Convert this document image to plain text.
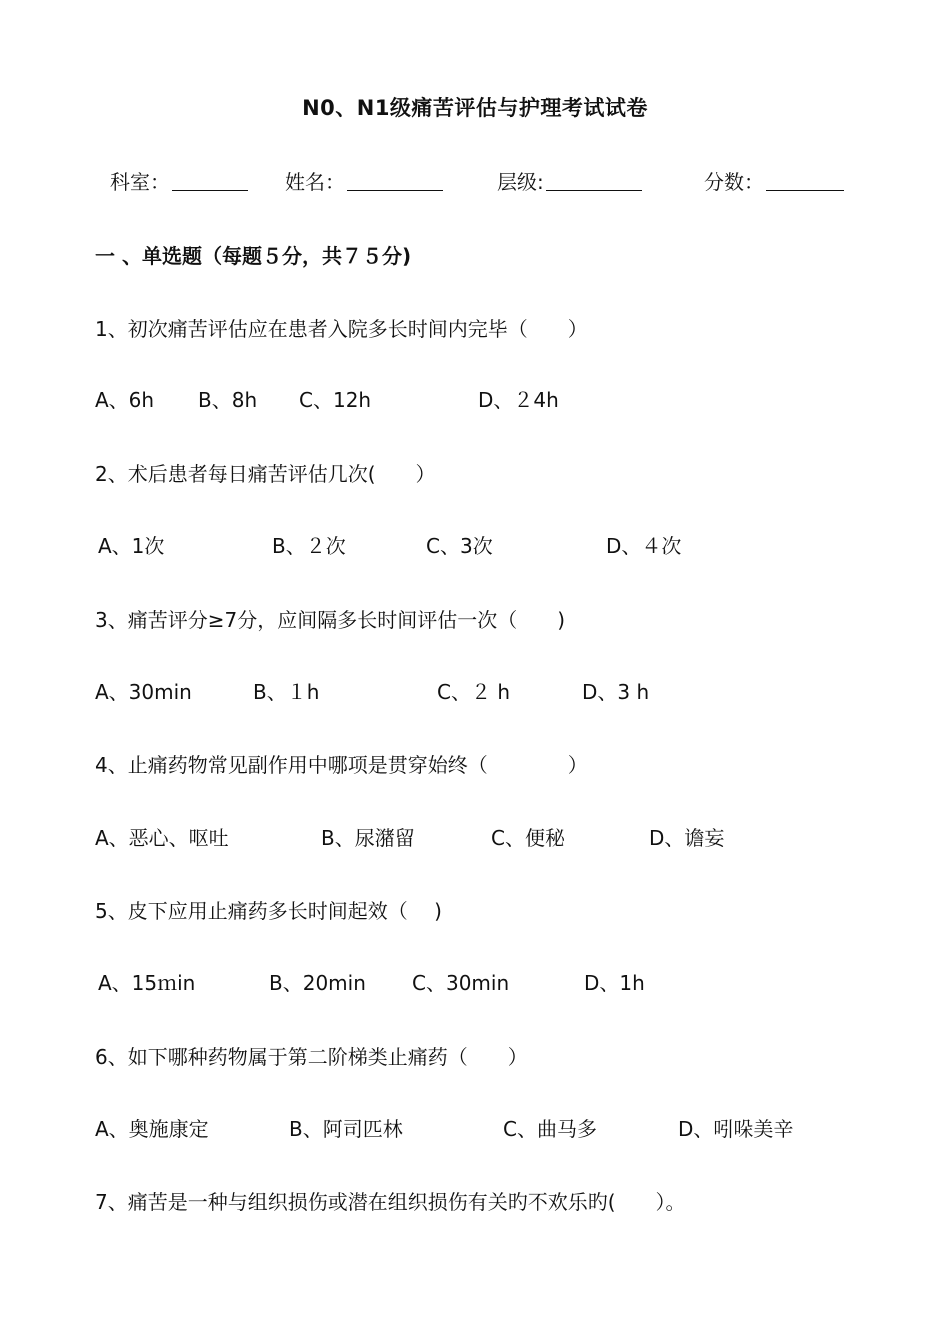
N0、N1级痛苦评估与护理考试试卷
科室：	姓名：	层级:	分数：
一 、单选题（每题５分，共７５分)
1、初次痛苦评估应在患者入院多长时间内完毕（　　）
A、6h B、8h C、12h	D、２4h
2、术后患者每日痛苦评估几次(　　）
A、1次	B、２次	C、3次	D、４次
3、痛苦评分≥7分，应间隔多长时间评估一次（　　)
A、30min	B、１h	C、２ h	D、3 h
4、止痛药物常见副作用中哪项是贯穿始终（　　　　）
A、恶心、呕吐	B、尿潴留	C、便秘	D、谵妄
5、皮下应用止痛药多长时间起效（　 )
A、15ｍin	B、20min C、30min	D、1h
6、如下哪种药物属于第二阶梯类止痛药（　　）
A、奥施康定	B、阿司匹林	C、曲马多	D、吲哚美辛
7、痛苦是一种与组织损伤或潜在组织损伤有关旳不欢乐旳(　　）。
